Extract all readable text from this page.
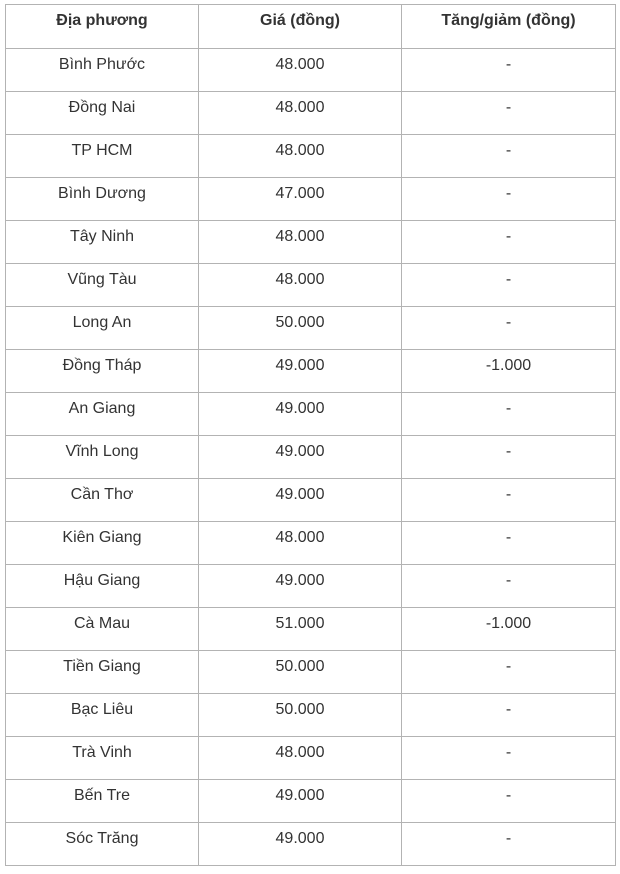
Địa phương	Giá (đồng)	Tăng/giảm (đồng)
Bình Phước	48.000	-
Đồng Nai	48.000	-
TP HCM	48.000	-
Bình Dương	47.000	-
Tây Ninh	48.000	-
Vũng Tàu	48.000	-
Long An	50.000	-
Đồng Tháp	49.000	-1.000
An Giang	49.000	-
Vĩnh Long	49.000	-
Cần Thơ	49.000	-
Kiên Giang	48.000	-
Hậu Giang	49.000	-
Cà Mau	51.000	-1.000
Tiền Giang	50.000	-
Bạc Liêu	50.000	-
Trà Vinh	48.000	-
Bến Tre	49.000	-
Sóc Trăng	49.000	-
